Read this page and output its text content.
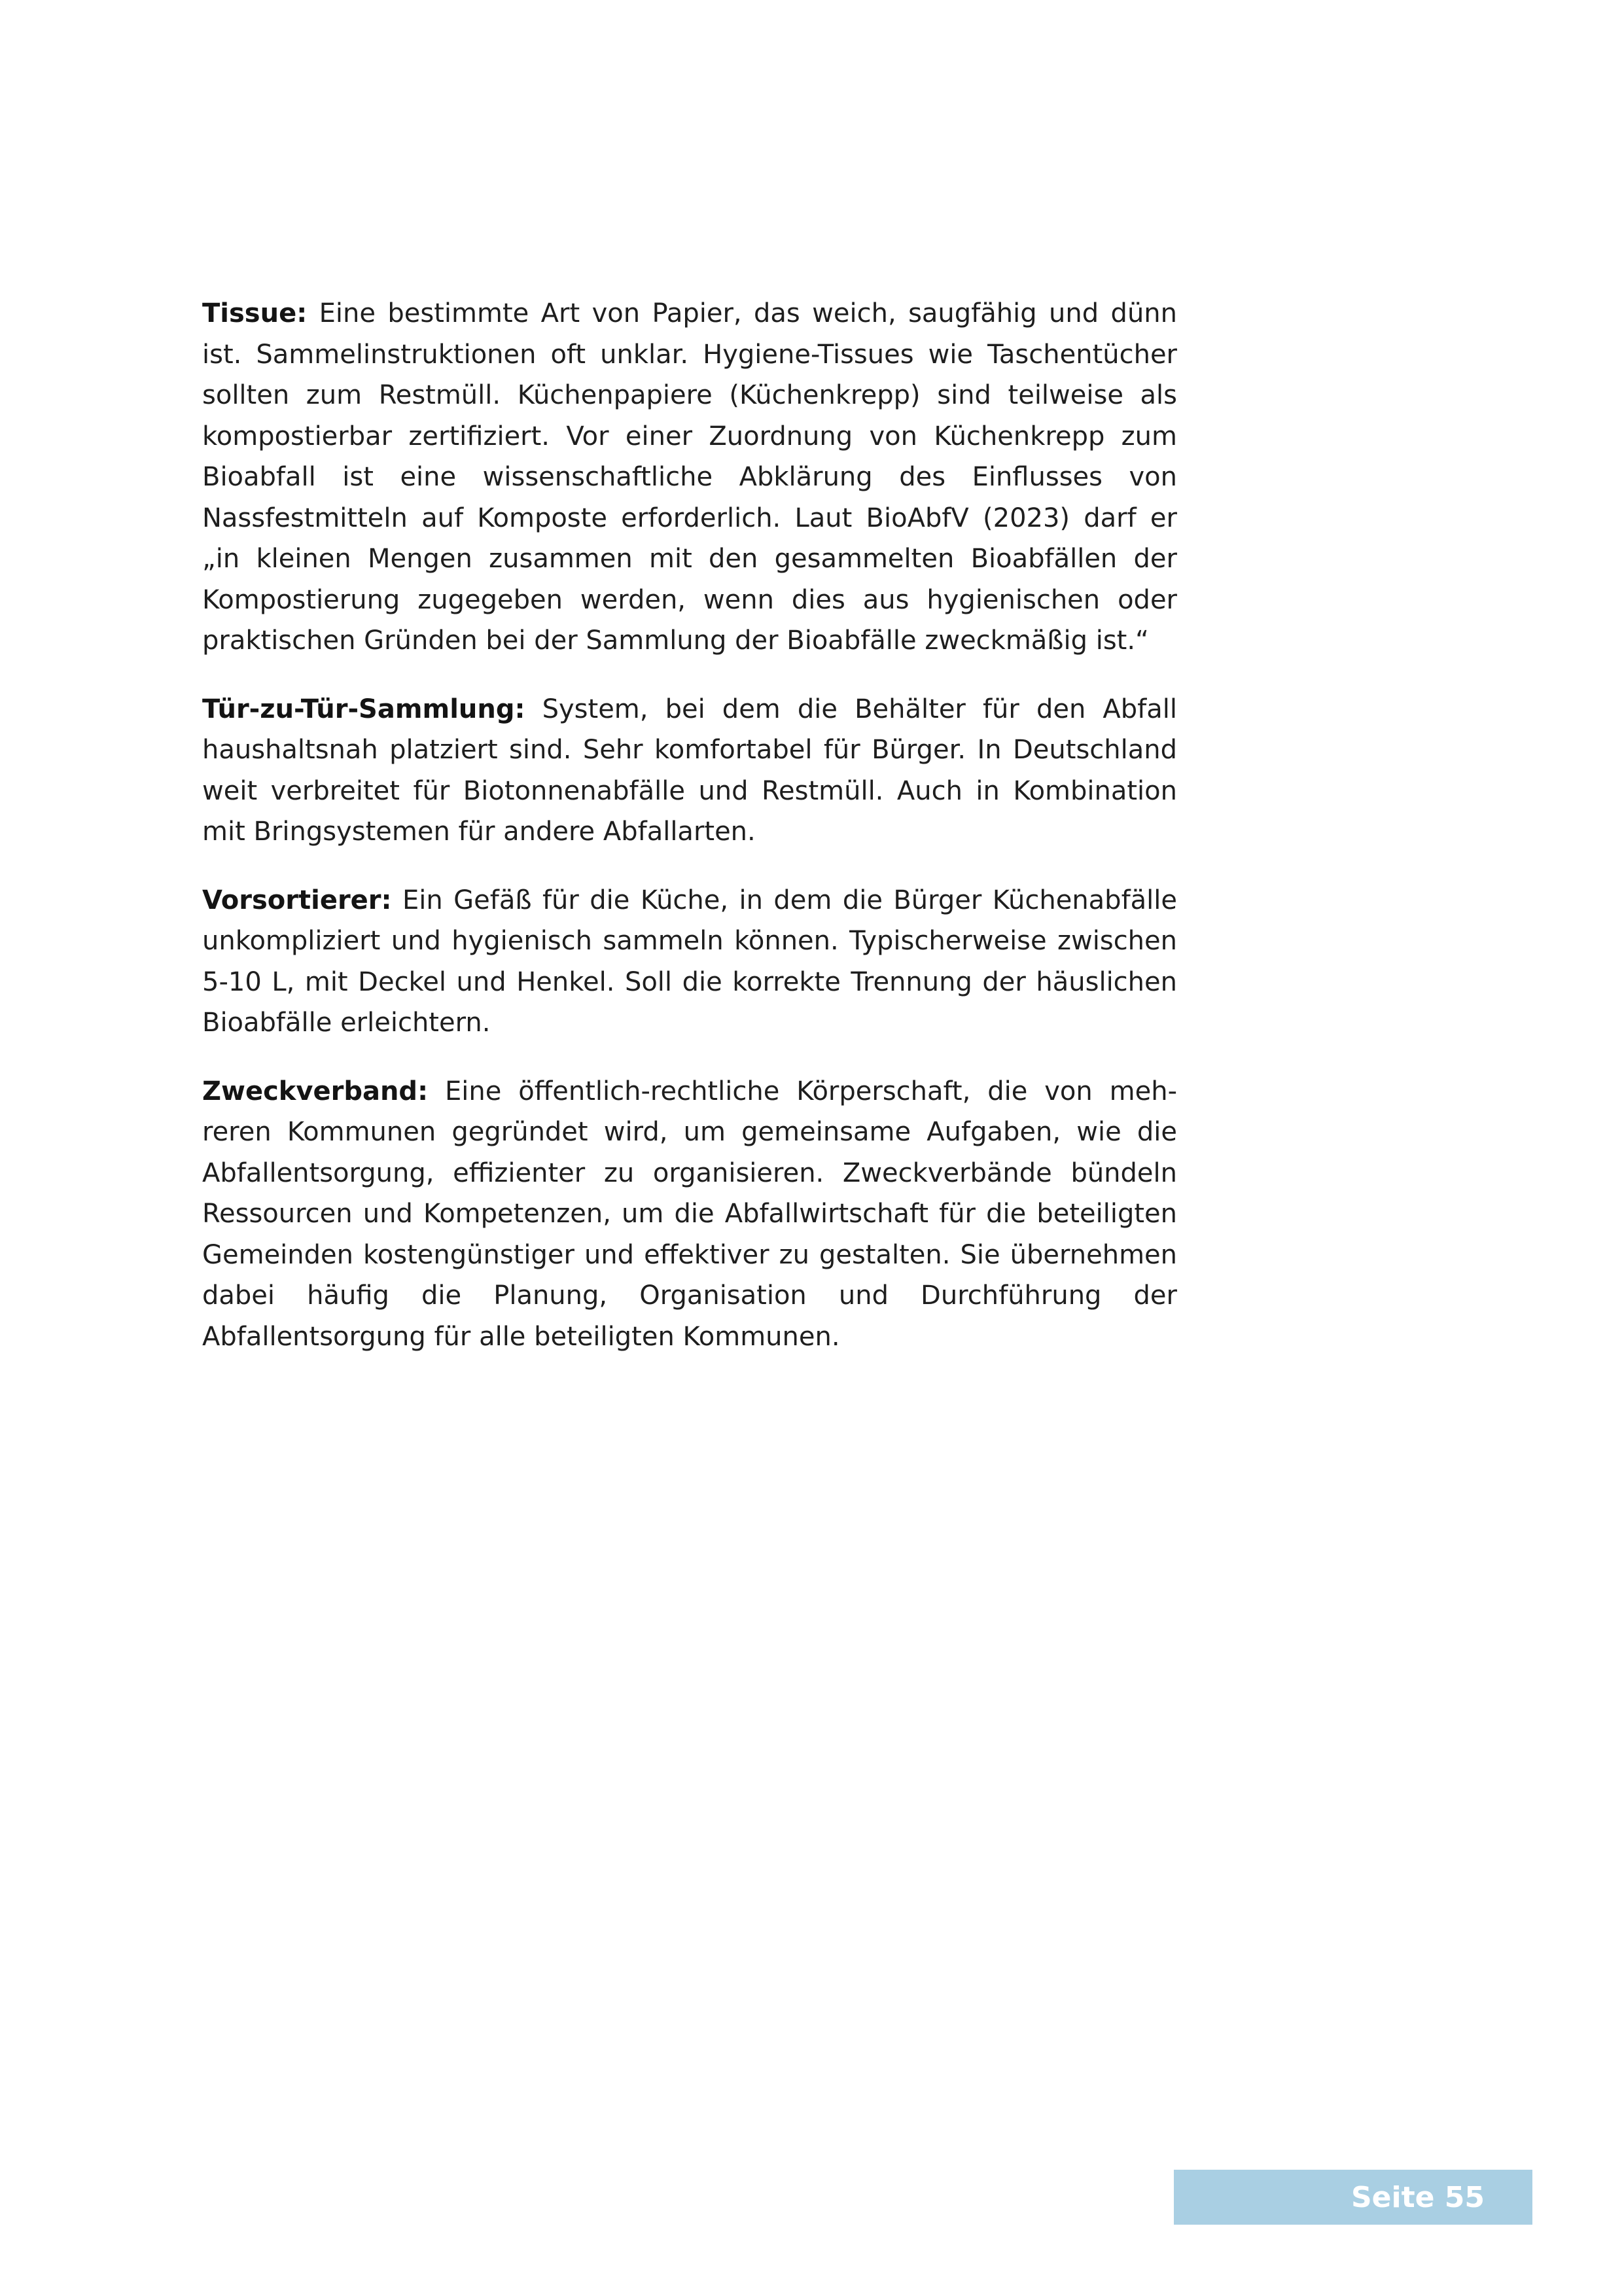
Tissue: Eine bestimmte Art von Papier, das weich, saugfähig und dünn ist. Sammelinstruktionen oft unklar. Hygiene-Tissues wie Taschentücher sollten zum Restmüll. Küchenpapiere (Küchenkrepp) sind teilweise als kompostierbar zertifiziert. Vor einer Zuordnung von Küchenkrepp zum Bioabfall ist eine wissenschaftliche Abklärung des Einflusses von Nassfestmitteln auf Komposte erforderlich. Laut BioAbfV (2023) darf er „in kleinen Mengen zusammen mit den gesammelten Bioabfällen der Kompostierung zugegeben werden, wenn dies aus hygienischen oder praktischen Gründen bei der Sammlung der Bioabfälle zweckmäßig ist.“

Tür-zu-Tür-Sammlung: System, bei dem die Behälter für den Abfall haushaltsnah platziert sind. Sehr komfortabel für Bürger. In Deutschland weit verbreitet für Biotonnenabfälle und Restmüll. Auch in Kombination mit Bringsystemen für andere Abfallarten.

Vorsortierer: Ein Gefäß für die Küche, in dem die Bürger Küchenabfälle unkompliziert und hygienisch sammeln können. Typischerweise zwischen 5-10 L, mit Deckel und Henkel. Soll die korrekte Trennung der häuslichen Bioabfälle erleichtern.

Zweckverband: Eine öffentlich-rechtliche Körperschaft, die von mehreren Kommunen gegründet wird, um gemeinsame Aufgaben, wie die Abfallentsorgung, effizienter zu organisieren. Zweckverbände bündeln Ressourcen und Kompetenzen, um die Abfallwirtschaft für die beteiligten Gemeinden kostengünstiger und effektiver zu gestalten. Sie übernehmen dabei häufig die Planung, Organisation und Durchführung der Abfallentsorgung für alle beteiligten Kommunen.

Seite 55
